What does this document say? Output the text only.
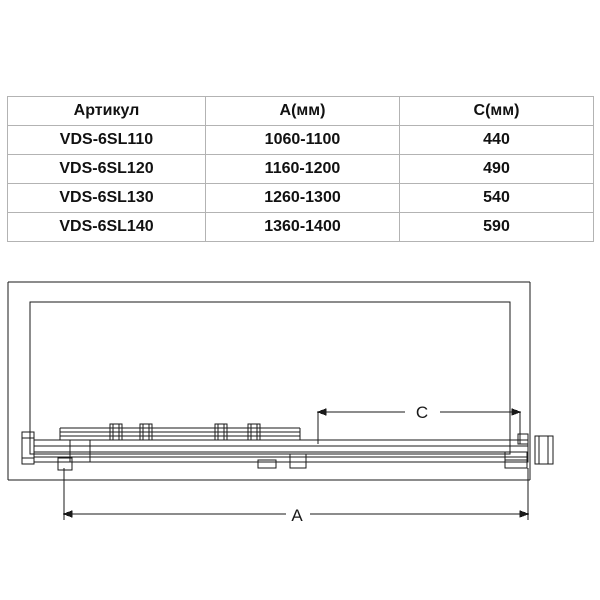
Артикул	A(мм)	C(мм)
VDS-6SL110	1060-1100	440
VDS-6SL120	1160-1200	490
VDS-6SL130	1260-1300	540
VDS-6SL140	1360-1400	590
C
A
